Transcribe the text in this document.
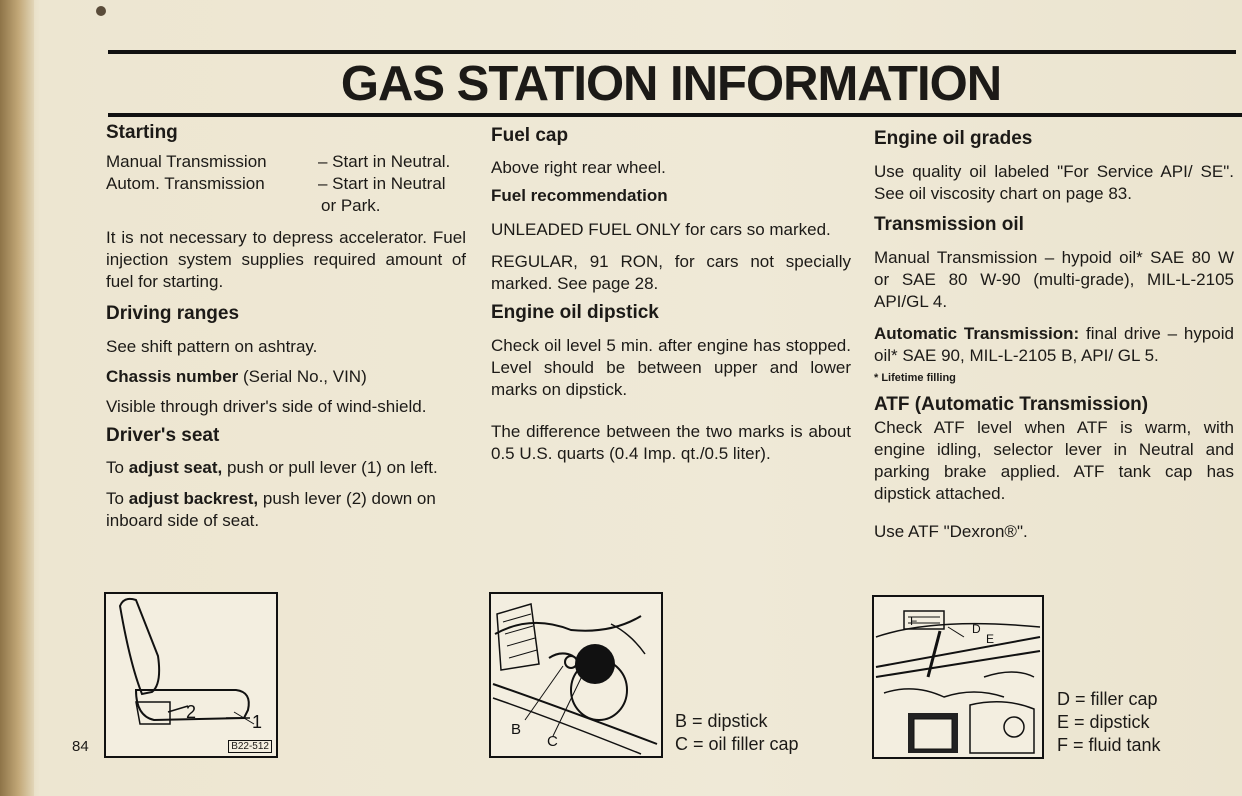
GAS STATION INFORMATION
Starting
Manual Transmission	– Start in Neutral.
Autom. Transmission	– Start in Neutral

or Park.

It is not necessary to depress accelerator. Fuel injection system supplies required amount of fuel for starting.

Driving ranges

See shift pattern on ashtray.

Chassis number (Serial No., VIN)

Visible through driver's side of wind-shield.

Driver's seat

To adjust seat, push or pull lever (1) on left.

To adjust backrest, push lever (2) down on inboard side of seat.

2	1
B22-512
84
Fuel cap

Above right rear wheel.

Fuel recommendation

UNLEADED FUEL ONLY for cars so marked.

REGULAR, 91 RON, for cars not specially marked. See page 28.

Engine oil dipstick

Check oil level 5 min. after engine has stopped. Level should be between upper and lower marks on dipstick.

The difference between the two marks is about 0.5 U.S. quarts (0.4 Imp. qt./0.5 liter).

B
C
B = dipstick
C = oil filler cap
Engine oil grades

Use quality oil labeled "For Service API/ SE". See oil viscosity chart on page 83.

Transmission oil

Manual Transmission – hypoid oil* SAE 80 W or SAE 80 W-90 (multi-grade), MIL-L-2105 API/GL 4.

Automatic Transmission: final drive – hypoid oil* SAE 90, MIL-L-2105 B, API/ GL 5.

* Lifetime filling

ATF (Automatic Transmission)

Check ATF level when ATF is warm, with engine idling, selector lever in Neutral and parking brake applied. ATF tank cap has dipstick attached.

Use ATF "Dexron®".

F
D
E
D = filler cap
E = dipstick
F = fluid tank
